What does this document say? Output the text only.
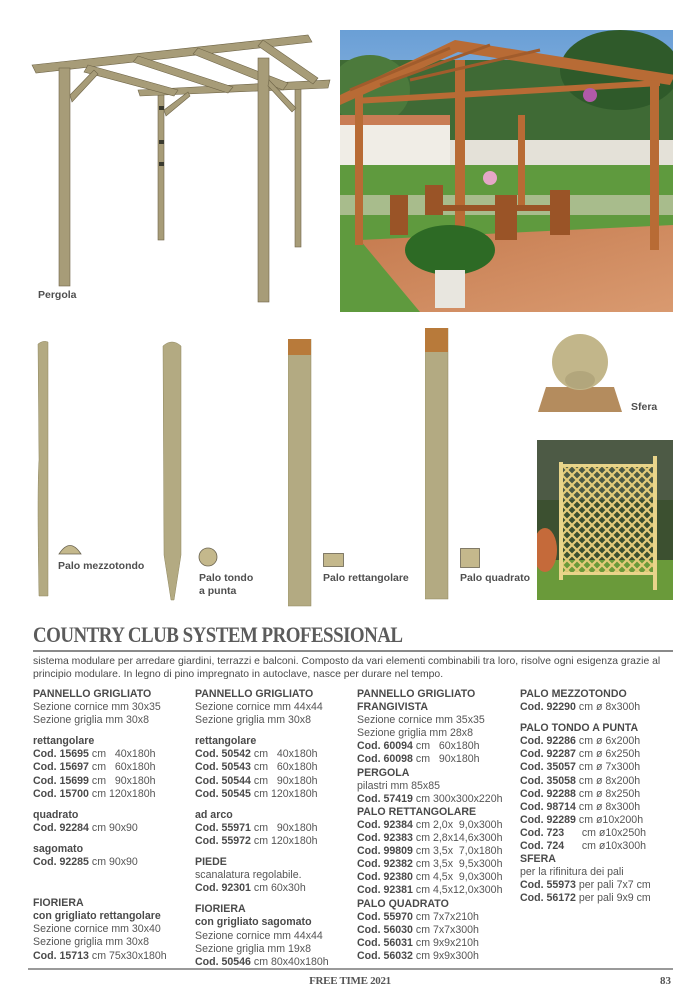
Pergola
Palo mezzotondo
Palo tondo
a punta
Palo rettangolare	Palo quadrato
Sfera
COUNTRY CLUB SYSTEM PROFESSIONAL
sistema modulare per arredare giardini, terrazzi e balconi. Composto da vari elementi combinabili tra loro, risolve ogni esigenza grazie al principio modulare. In legno di pino impregnato in autoclave, nasce per durare nel tempo.
PANNELLO GRIGLIATO
Sezione cornice mm 30x35
Sezione griglia mm 30x8
rettangolare
Cod. 15695 cm   40x180h
Cod. 15697 cm   60x180h
Cod. 15699 cm   90x180h
Cod. 15700 cm 120x180h
quadrato
Cod. 92284 cm 90x90
sagomato
Cod. 92285 cm 90x90
FIORIERA
con grigliato rettangolare
Sezione cornice mm 30x40
Sezione griglia mm 30x8
Cod. 15713 cm 75x30x180h
PANNELLO GRIGLIATO
Sezione cornice mm 44x44
Sezione griglia mm 30x8
rettangolare
Cod. 50542 cm   40x180h
Cod. 50543 cm   60x180h
Cod. 50544 cm   90x180h
Cod. 50545 cm 120x180h
ad arco
Cod. 55971 cm   90x180h
Cod. 55972 cm 120x180h
PIEDE
scanalatura regolabile.
Cod. 92301 cm 60x30h
FIORIERA
con grigliato sagomato
Sezione cornice mm 44x44
Sezione griglia mm 19x8
Cod. 50546 cm 80x40x180h
PANNELLO GRIGLIATO
FRANGIVISTA
Sezione cornice mm 35x35
Sezione griglia mm 28x8
Cod. 60094 cm   60x180h
Cod. 60098 cm   90x180h
PERGOLA
pilastri mm 85x85
Cod. 57419 cm 300x300x220h
PALO RETTANGOLARE
Cod. 92384 cm 2,0x  9,0x300h
Cod. 92383 cm 2,8x14,6x300h
Cod. 99809 cm 3,5x  7,0x180h
Cod. 92382 cm 3,5x  9,5x300h
Cod. 92380 cm 4,5x  9,0x300h
Cod. 92381 cm 4,5x12,0x300h
PALO QUADRATO
Cod. 55970 cm 7x7x210h
Cod. 56030 cm 7x7x300h
Cod. 56031 cm 9x9x210h
Cod. 56032 cm 9x9x300h
PALO MEZZOTONDO
Cod. 92290 cm ø 8x300h
PALO TONDO A PUNTA
Cod. 92286 cm ø 6x200h
Cod. 92287 cm ø 6x250h
Cod. 35057 cm ø 7x300h
Cod. 35058 cm ø 8x200h
Cod. 92288 cm ø 8x250h
Cod. 98714 cm ø 8x300h
Cod. 92289 cm ø10x200h
Cod. 723      cm ø10x250h
Cod. 724      cm ø10x300h
SFERA
per la rifinitura dei pali
Cod. 55973 per pali 7x7 cm
Cod. 56172 per pali 9x9 cm
FREE TIME 2021	83
